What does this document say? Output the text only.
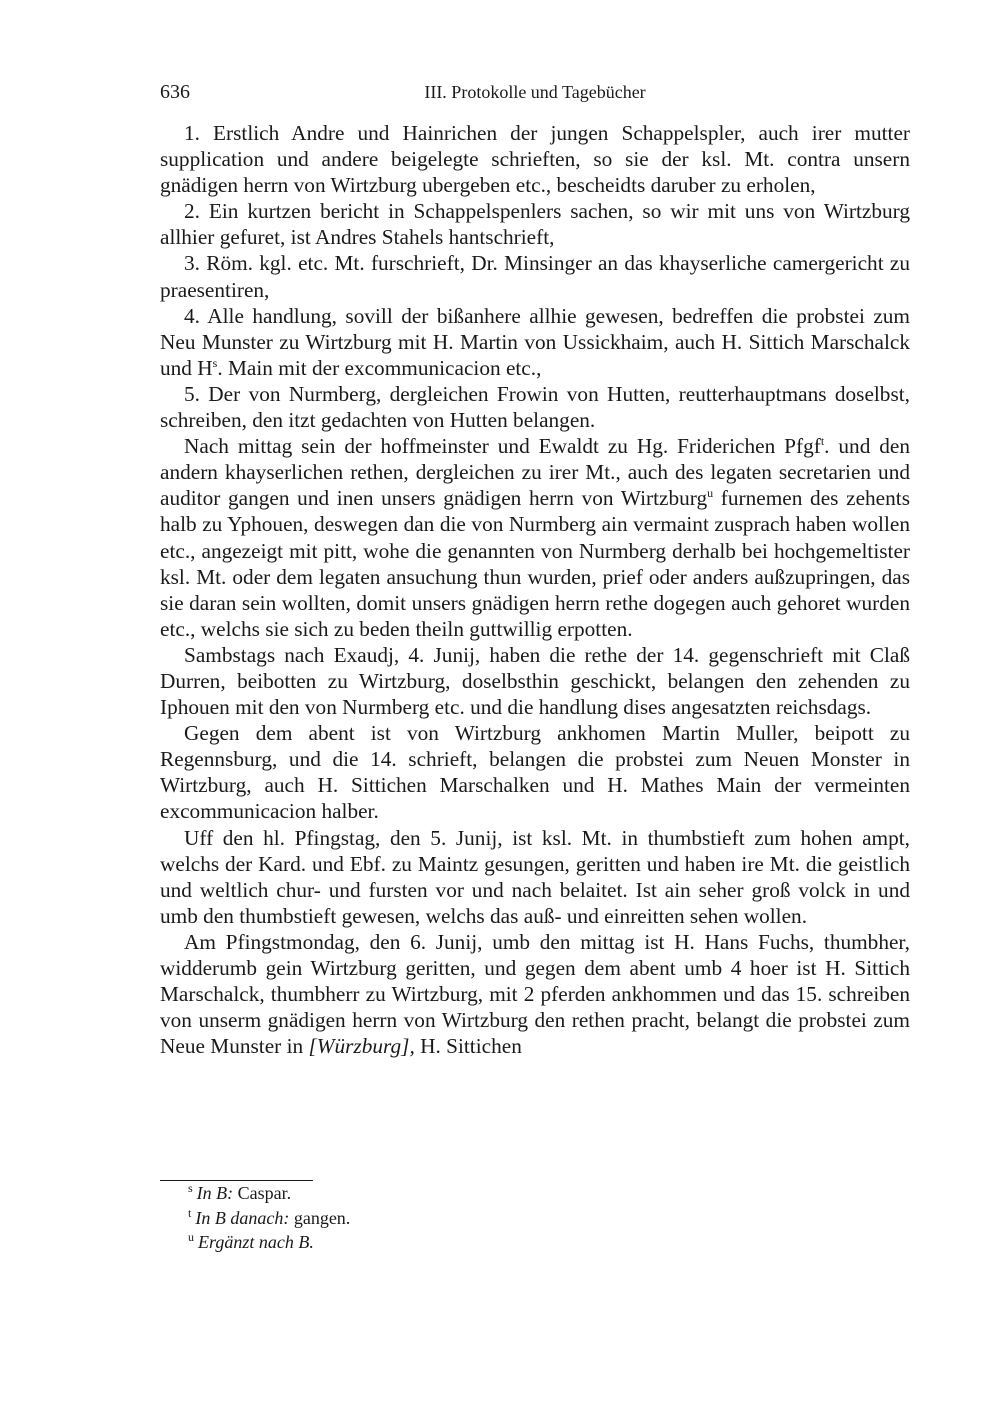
636	III. Protokolle und Tagebücher

1. Erstlich Andre und Hainrichen der jungen Schappelspler, auch irer mutter supplication und andere beigelegte schrieften, so sie der ksl. Mt. contra unsern gnädigen herrn von Wirtzburg ubergeben etc., bescheidts daruber zu erholen,

2. Ein kurtzen bericht in Schappelspenlers sachen, so wir mit uns von Wirtzburg allhier gefuret, ist Andres Stahels hantschrieft,

3. Röm. kgl. etc. Mt. furschrieft, Dr. Minsinger an das khayserliche camergericht zu praesentiren,

4. Alle handlung, sovill der bißanhere allhie gewesen, bedreffen die probstei zum Neu Munster zu Wirtzburg mit H. Martin von Ussickhaim, auch H. Sittich Marschalck und H$^s$. Main mit der excommunicacion etc.,

5. Der von Nurmberg, dergleichen Frowin von Hutten, reutterhauptmans doselbst, schreiben, den itzt gedachten von Hutten belangen.

Nach mittag sein der hoffmeinster und Ewaldt zu Hg. Friderichen Pfgf$^t$. und den andern khayserlichen rethen, dergleichen zu irer Mt., auch des legaten secretarien und auditor gangen und inen unsers gnädigen herrn von Wirtzburg$^u$ furnemen des zehents halb zu Yphouen, deswegen dan die von Nurmberg ain vermaint zusprach haben wollen etc., angezeigt mit pitt, wohe die genannten von Nurmberg derhalb bei hochgemeltister ksl. Mt. oder dem legaten ansuchung thun wurden, prief oder anders außzupringen, das sie daran sein wollten, domit unsers gnädigen herrn rethe dogegen auch gehoret wurden etc., welchs sie sich zu beden theiln guttwillig erpotten.

Sambstags nach Exaudj, 4. Junij, haben die rethe der 14. gegenschrieft mit Claß Durren, beibotten zu Wirtzburg, doselbsthin geschickt, belangen den zehenden zu Iphouen mit den von Nurmberg etc. und die handlung dises angesatzten reichsdags.

Gegen dem abent ist von Wirtzburg ankhomen Martin Muller, beipott zu Regennsburg, und die 14. schrieft, belangen die probstei zum Neuen Monster in Wirtzburg, auch H. Sittichen Marschalken und H. Mathes Main der vermeinten excommunicacion halber.

Uff den hl. Pfingstag, den 5. Junij, ist ksl. Mt. in thumbstieft zum hohen ampt, welchs der Kard. und Ebf. zu Maintz gesungen, geritten und haben ire Mt. die geistlich und weltlich chur- und fursten vor und nach belaitet. Ist ain seher groß volck in und umb den thumbstieft gewesen, welchs das auß- und einreitten sehen wollen.

Am Pfingstmondag, den 6. Junij, umb den mittag ist H. Hans Fuchs, thumbher, widderumb gein Wirtzburg geritten, und gegen dem abent umb 4 hoer ist H. Sittich Marschalck, thumbherr zu Wirtzburg, mit 2 pferden ankhommen und das 15. schreiben von unserm gnädigen herrn von Wirtzburg den rethen pracht, belangt die probstei zum Neue Munster in [Würzburg], H. Sittichen

$^s$ In B: Caspar.
$^t$ In B danach: gangen.
$^u$ Ergänzt nach B.
